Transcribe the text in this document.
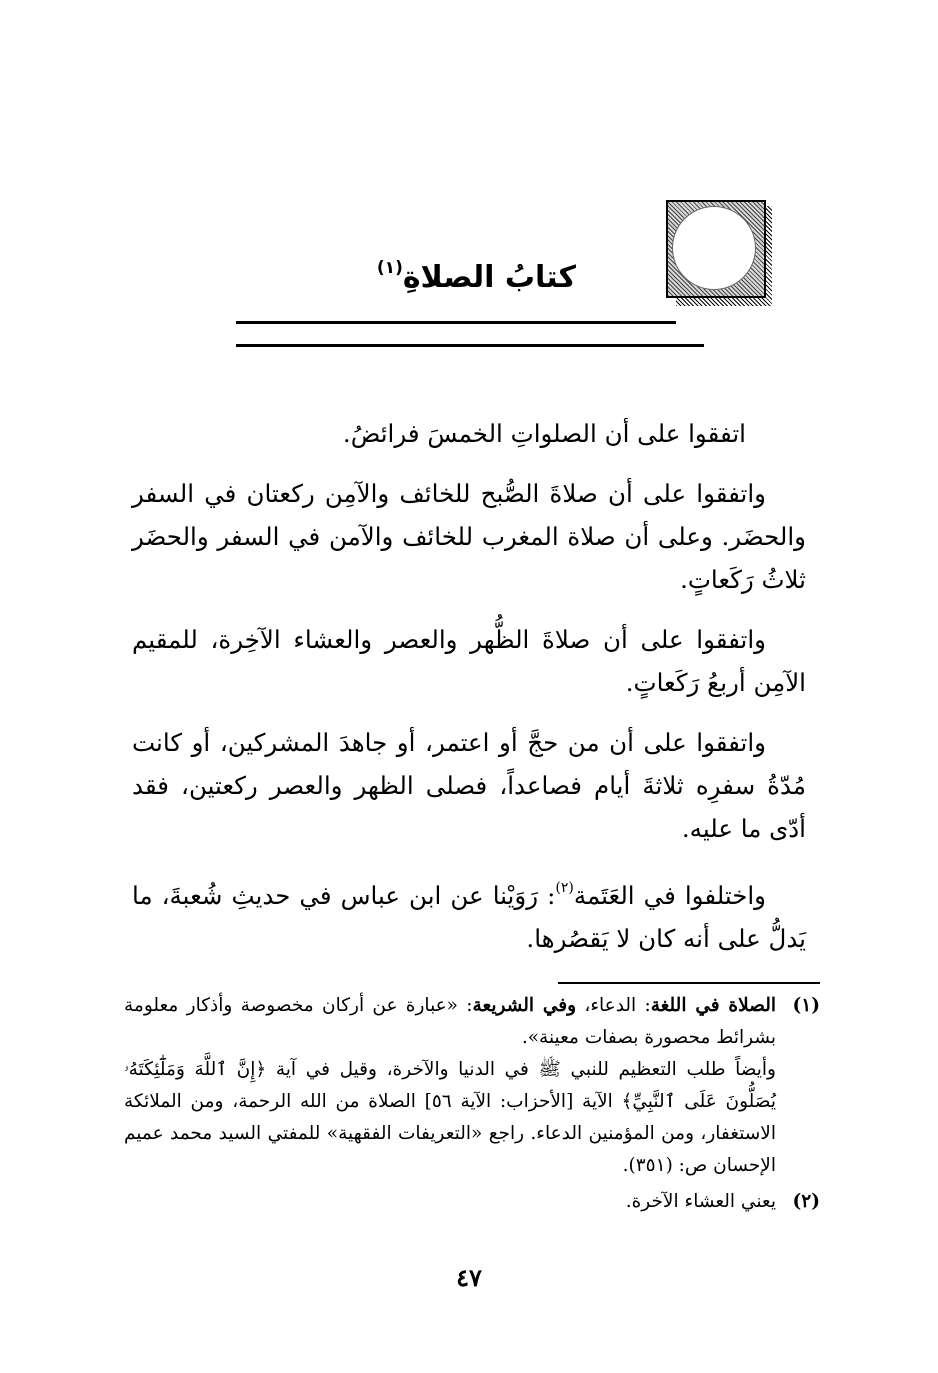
كتابُ الصلاةِ$^{(١)}$

اتفقوا على أن الصلواتِ الخمسَ فرائضُ.

واتفقوا على أن صلاةَ الصُّبح للخائف والآمِن ركعتان في السفر والحضَر. وعلى أن صلاة المغرب للخائف والآمن في السفر والحضَر ثلاثُ رَكَعاتٍ.

واتفقوا على أن صلاةَ الظُّهر والعصر والعشاء الآخِرة، للمقيم الآمِن أربعُ رَكَعاتٍ.

واتفقوا على أن من حجَّ أو اعتمر، أو جاهدَ المشركين، أو كانت مُدّةُ سفرِه ثلاثةَ أيام فصاعداً، فصلى الظهر والعصر ركعتين، فقد أدّى ما عليه.

واختلفوا في العَتَمة$^{(٢)}$: رَوَيْنا عن ابن عباس في حديثِ شُعبةَ، ما يَدلُّ على أنه كان لا يَقصُرها.

(١)
الصلاة في اللغة: الدعاء، وفي الشريعة: «عبارة عن أركان مخصوصة وأذكار معلومة بشرائط محصورة بصفات معينة».
وأيضاً طلب التعظيم للنبي ﷺ في الدنيا والآخرة، وقيل في آية ﴿إِنَّ ٱللَّهَ وَمَلَٰٓئِكَتَهُۥ يُصَلُّونَ عَلَى ٱلنَّبِيِّ﴾ الآية [الأحزاب: الآية ٥٦] الصلاة من الله الرحمة، ومن الملائكة الاستغفار، ومن المؤمنين الدعاء. راجع «التعريفات الفقهية» للمفتي السيد محمد عميم الإحسان ص: (٣٥١).
(٢)
يعني العشاء الآخرة.
٤٧
